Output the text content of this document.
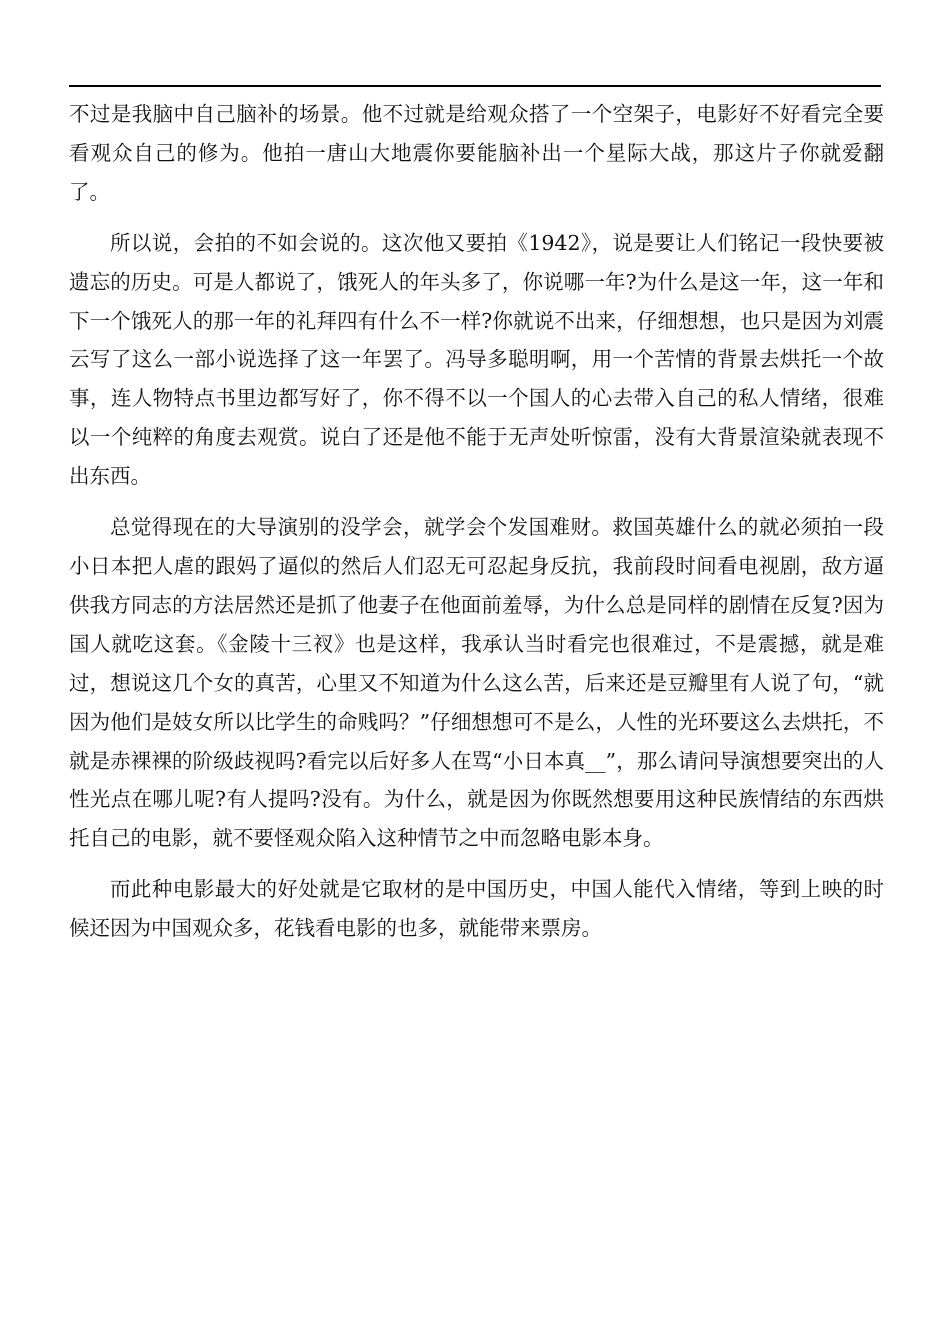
不过是我脑中自己脑补的场景。他不过就是给观众搭了一个空架子，电影好不好看完全要看观众自己的修为。他拍一唐山大地震你要能脑补出一个星际大战，那这片子你就爱翻了。

所以说，会拍的不如会说的。这次他又要拍《1942》，说是要让人们铭记一段快要被遗忘的历史。可是人都说了，饿死人的年头多了，你说哪一年?为什么是这一年，这一年和下一个饿死人的那一年的礼拜四有什么不一样?你就说不出来，仔细想想，也只是因为刘震云写了这么一部小说选择了这一年罢了。冯导多聪明啊，用一个苦情的背景去烘托一个故事，连人物特点书里边都写好了，你不得不以一个国人的心去带入自己的私人情绪，很难以一个纯粹的角度去观赏。说白了还是他不能于无声处听惊雷，没有大背景渲染就表现不出东西。

总觉得现在的大导演别的没学会，就学会个发国难财。救国英雄什么的就必须拍一段小日本把人虐的跟妈了逼似的然后人们忍无可忍起身反抗，我前段时间看电视剧，敌方逼供我方同志的方法居然还是抓了他妻子在他面前羞辱，为什么总是同样的剧情在反复?因为国人就吃这套。《金陵十三衩》也是这样，我承认当时看完也很难过，不是震撼，就是难过，想说这几个女的真苦，心里又不知道为什么这么苦，后来还是豆瓣里有人说了句，“就因为他们是妓女所以比学生的命贱吗？”仔细想想可不是么，人性的光环要这么去烘托，不就是赤裸裸的阶级歧视吗?看完以后好多人在骂“小日本真__”，那么请问导演想要突出的人性光点在哪儿呢?有人提吗?没有。为什么，就是因为你既然想要用这种民族情结的东西烘托自己的电影，就不要怪观众陷入这种情节之中而忽略电影本身。

而此种电影最大的好处就是它取材的是中国历史，中国人能代入情绪，等到上映的时候还因为中国观众多，花钱看电影的也多，就能带来票房。
